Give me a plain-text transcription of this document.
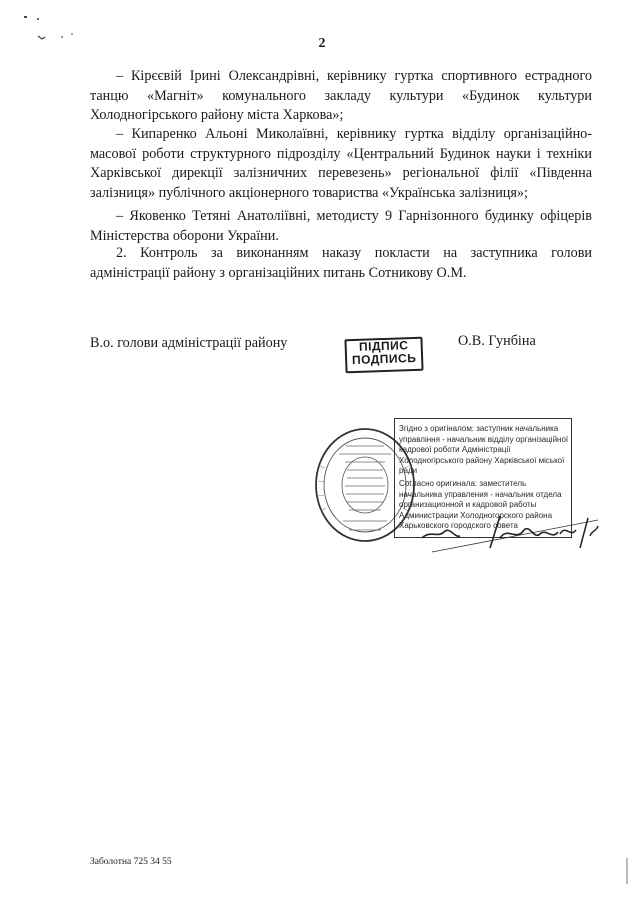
2

– Кірєєвій Ірині Олександрівні, керівнику гуртка спортивного естрадного танцю «Магніт» комунального закладу культури «Будинок культури Холодногірського району міста Харкова»;

– Кипаренко Альоні Миколаївні, керівнику гуртка відділу організаційно-масової роботи структурного підрозділу «Центральний Будинок науки і техніки Харківської дирекції залізничних перевезень» регіональної філії «Південна залізниця» публічного акціонерного товариства «Українська залізниця»;

– Яковенко Тетяні Анатоліївні, методисту 9 Гарнізонного будинку офіцерів Міністерства оборони України.

2. Контроль за виконанням наказу покласти на заступника голови адміністрації району з організаційних питань Сотникову О.М.

В.о. голови адміністрації району	ПІДПИС
ПОДПИСЬ
О.В. Гунбіна

Згідно з оригіналом: заступник начальника управління - начальник відділу організаційної кадрової роботи Адміністрації Холодногірського району Харківської міської ради

Согласно оригинала: заместитель начальника управления - начальник отдела организационной и кадровой работы Администрации Холодногорского района Харьковского городского совета

Заболотна 725 34 55
